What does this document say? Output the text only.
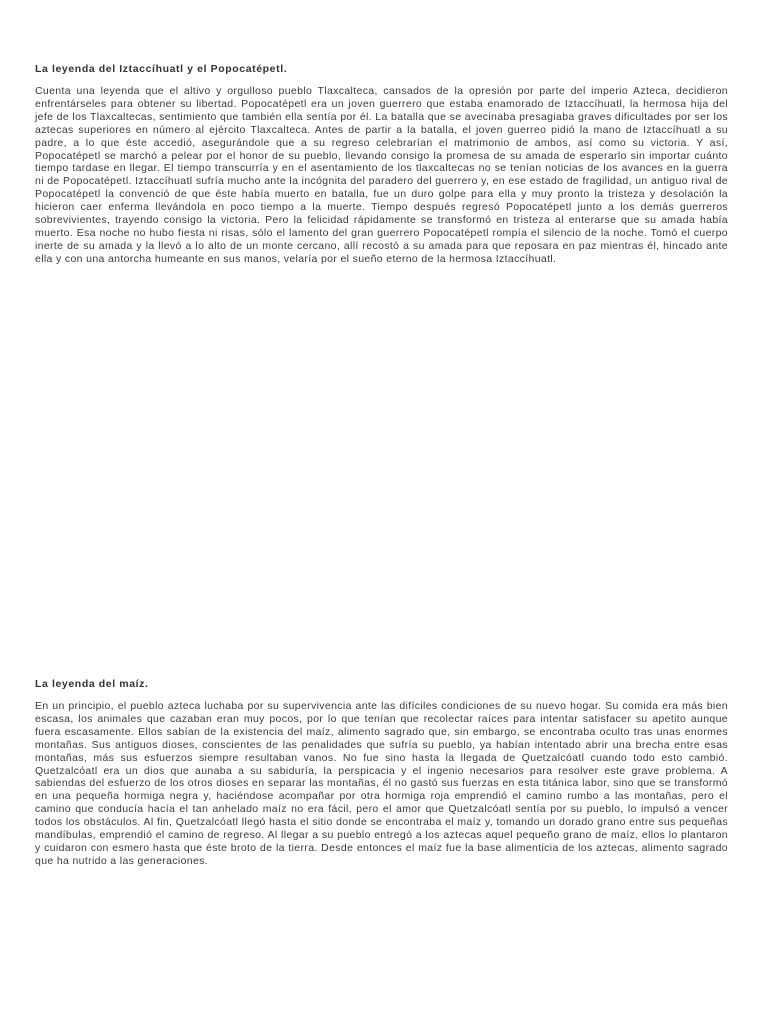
La leyenda del Iztaccíhuatl y el Popocatépetl.

Cuenta una leyenda que el altivo y orgulloso pueblo Tlaxcalteca, cansados de la opresión por parte del imperio Azteca, decidieron enfrentárseles para obtener su libertad. Popocatépetl era un joven guerrero que estaba enamorado de Iztaccíhuatl, la hermosa hija del jefe de los Tlaxcaltecas, sentimiento que también ella sentía por él. La batalla que se avecinaba presagiaba graves dificultades por ser los aztecas superiores en número al ejército Tlaxcalteca. Antes de partir a la batalla, el joven guerreo pidió la mano de Iztaccíhuatl a su padre, a lo que éste accedió, asegurándole que a su regreso celebrarían el matrimonio de ambos, así como su victoria. Y así, Popocatépetl se marchó a pelear por el honor de su pueblo, llevando consigo la promesa de su amada de esperarlo sin importar cuánto tiempo tardase en llegar. El tiempo transcurría y en el asentamiento de los tlaxcaltecas no se tenían noticias de los avances en la guerra ni de Popocatépetl. Iztaccíhuatl sufría mucho ante la incógnita del paradero del guerrero y, en ese estado de fragilidad, un antiguo rival de Popocatépetl la convenció de que éste había muerto en batalla, fue un duro golpe para ella y muy pronto la tristeza y desolación la hicieron caer enferma llevándola en poco tiempo a la muerte. Tiempo después regresó Popocatépetl junto a los demás guerreros sobrevivientes, trayendo consigo la victoria. Pero la felicidad rápidamente se transformó en tristeza al enterarse que su amada había muerto. Esa noche no hubo fiesta ni risas, sólo el lamento del gran guerrero Popocatépetl rompía el silencio de la noche. Tomó el cuerpo inerte de su amada y la llevó a lo alto de un monte cercano, allí recostó a su amada para que reposara en paz mientras él, hincado ante ella y con una antorcha humeante en sus manos, velaría por el sueño eterno de la hermosa Iztaccíhuatl.

La leyenda del maíz.

En un principio, el pueblo azteca luchaba por su supervivencia ante las difíciles condiciones de su nuevo hogar. Su comida era más bien escasa, los animales que cazaban eran muy pocos, por lo que tenían que recolectar raíces para intentar satisfacer su apetito aunque fuera escasamente. Ellos sabían de la existencia del maíz, alimento sagrado que, sin embargo, se encontraba oculto tras unas enormes montañas. Sus antiguos dioses, conscientes de las penalidades que sufría su pueblo, ya habían intentado abrir una brecha entre esas montañas, más sus esfuerzos siempre resultaban vanos. No fue sino hasta la llegada de Quetzalcóatl cuando todo esto cambió. Quetzalcóatl era un dios que aunaba a su sabiduría, la perspicacia y el ingenio necesarios para resolver este grave problema. A sabiendas del esfuerzo de los otros dioses en separar las montañas, él no gastó sus fuerzas en esta titánica labor, sino que se transformó en una pequeña hormiga negra y, haciéndose acompañar por otra hormiga roja emprendió el camino rumbo a las montañas, pero el camino que conducía hacía el tan anhelado maíz no era fácil, pero el amor que Quetzalcóatl sentía por su pueblo, lo impulsó a vencer todos los obstáculos. Al fin, Quetzalcóatl llegó hasta el sitio donde se encontraba el maíz y, tomando un dorado grano entre sus pequeñas mandíbulas, emprendió el camino de regreso. Al llegar a su pueblo entregó a los aztecas aquel pequeño grano de maíz, ellos lo plantaron y cuidaron con esmero hasta que éste broto de la tierra. Desde entonces el maíz fue la base alimenticia de los aztecas, alimento sagrado que ha nutrido a las generaciones.
